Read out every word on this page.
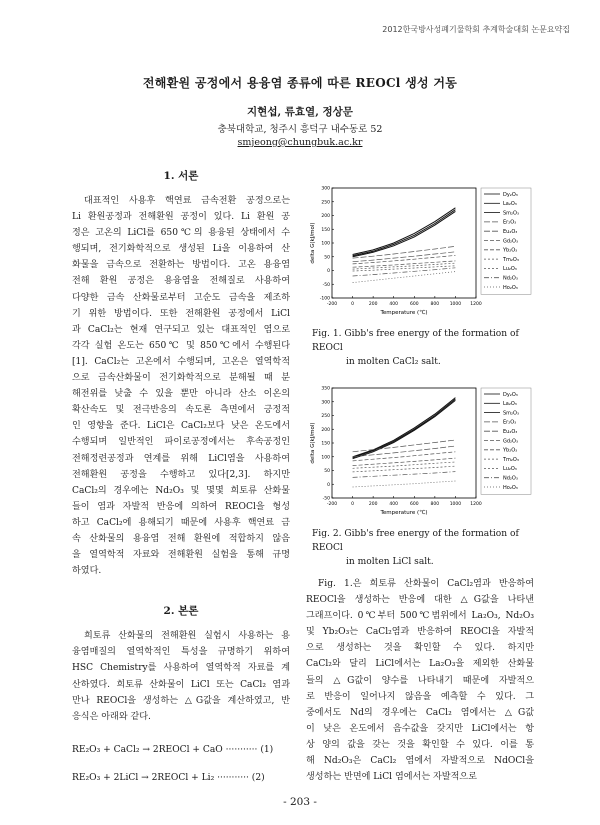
2012한국방사성폐기물학회 추계학술대회 논문요약집
전해환원 공정에서 용융염 종류에 따른 REOCl 생성 거동
지현섭, 류효열, 정상문
충북대학교, 청주시 흥덕구 내수동로 52
smjeong@chungbuk.ac.kr

1. 서론

대표적인 사용후 핵연료 금속전환 공정으로는

Li 환원공정과 전해환원 공정이 있다. Li 환원 공

정은 고온의 LiCl를 650℃의 용융된 상태에서 수

행되며, 전기화학적으로 생성된 Li을 이용하여 산

화물을 금속으로 전환하는 방법이다. 고온 용융염

전해 환원 공정은 용융염을 전해질로 사용하여

다양한 금속 산화물로부터 고순도 금속을 제조하

기 위한 방법이다. 또한 전해환원 공정에서 LiCl

과 CaCl₂는 현재 연구되고 있는 대표적인 염으로

각각 실험 온도는 650℃ 및 850℃에서 수행된다

[1]. CaCl₂는 고온에서 수행되며, 고온은 열역학적

으로 금속산화물이 전기화학적으로 분해될 때 분

해전위를 낮출 수 있을 뿐만 아니라 산소 이온의

확산속도 및 전극반응의 속도론 측면에서 긍정적

인 영향을 준다. LiCl은 CaCl₂보다 낮은 온도에서

수행되며 일반적인 파이로공정에서는 후속공정인

전해정련공정과 연계를 위해 LiCl염을 사용하여

전해환원 공정을 수행하고 있다[2,3]. 하지만

CaCl₂의 경우에는 Nd₂O₃ 및 몇몇 희토류 산화물

들이 염과 자발적 반응에 의하여 REOCl을 형성

하고 CaCl₂에 용해되기 때문에 사용후 핵연료 금

속 산화물의 용융염 전해 환원에 적합하지 않음

을 열역학적 자료와 전해환원 실험을 통해 규명

하였다.

2. 본론

희토류 산화물의 전해환원 실험시 사용하는 용

융염매질의 열역학적인 특성을 규명하기 위하여

HSC Chemistry를 사용하여 열역학적 자료를 계

산하였다. 희토류 산화물이 LiCl 또는 CaCl₂ 염과

만나 REOCl을 생성하는 △G값을 계산하였고, 반

응식은 아래와 같다.

RE₂O₃ + CaCl₂ → 2REOCl + CaO ··········· (1)

RE₂O₃ + 2LiCl → 2REOCl + Li₂ ··········· (2)

-200	0	200	400	600	800 1000 1200
300
250
200
150
100
50
0
-50
-100
Temperature (℃)
delta G(kJ/mol)
Dy₂O₃
La₂O₃
Sm₂O₃
Er₂O₃
Eu₂O₃
Gd₂O₃
Yb₂O₃
Tm₂O₃
Lu₂O₃
Nd₂O₃
Ho₂O₃
Fig. 1. Gibb's free energy of the formation of REOCl
in molten CaCl₂ salt.
-200	0	200	400	600	800 1000 1200
350
300
250
200
150
100
50
0
-50
Temperature (℃)
delta G(kJ/mol)
Dy₂O₃
La₂O₃
Sm₂O₃
Er₂O₃
Eu₂O₃
Gd₂O₃
Yb₂O₃
Tm₂O₃
Lu₂O₃
Nd₂O₃
Ho₂O₃
Fig. 2. Gibb's free energy of the formation of REOCl
in molten LiCl salt.

Fig. 1.은 희토류 산화물이 CaCl₂염과 반응하여

REOCl을 생성하는 반응에 대한 △G값을 나타낸

그래프이다. 0℃부터 500℃범위에서 La₂O₃, Nd₂O₃

및 Yb₂O₃는 CaCl₂염과 반응하여 REOCl을 자발적

으로 생성하는 것을 확인할 수 있다. 하지만

CaCl₂와 달리 LiCl에서는 La₂O₃을 제외한 산화물

들의 △G값이 양수를 나타내기 때문에 자발적으

로 반응이 일어나지 않음을 예측할 수 있다. 그

중에서도 Nd의 경우에는 CaCl₂ 염에서는 △G값

이 낮은 온도에서 음수값을 갖지만 LiCl에서는 항

상 양의 값을 갖는 것을 확인할 수 있다. 이를 통

해 Nd₂O₃은 CaCl₂ 염에서 자발적으로 NdOCl을

생성하는 반면에 LiCl 염에서는 자발적으로

- 203 -
